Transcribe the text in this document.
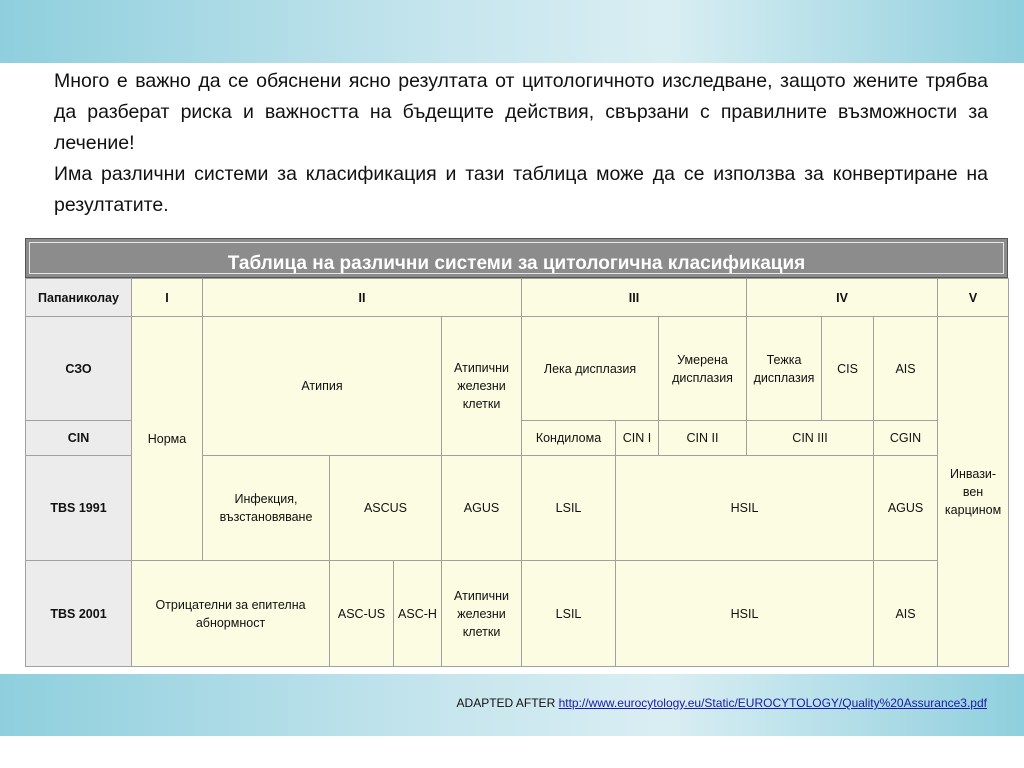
Много е важно да се обяснени ясно резултата от цитологичното изследване, защото жените трябва да разберат риска и важността на бъдещите действия, свързани с правилните възможности за лечение!

Има различни системи за класификация и тази таблица може да се използва за конвертиране на резултатите.

Таблица на различни системи за цитологична класификация
Папаниколау	I	II				III			IV			V
СЗО	Норма	Атипия			Атипични железни клетки	Лека дисплазия		Умерена дисплазия	Тежка дисплазия	CIS	AIS	Инвази-вен карцином
CIN						Кондилома	CIN I	CIN II	CIN III		CGIN	
TBS 1991		Инфекция, възстановяване	ASCUS		AGUS	LSIL	HSIL				AGUS	
TBS 2001	Отрицателни за епителна абнормност		ASC-US	ASC-H	Атипични железни клетки	LSIL	HSIL				AIS	
ADAPTED AFTER http://www.eurocytology.eu/Static/EUROCYTOLOGY/Quality%20Assurance3.pdf
